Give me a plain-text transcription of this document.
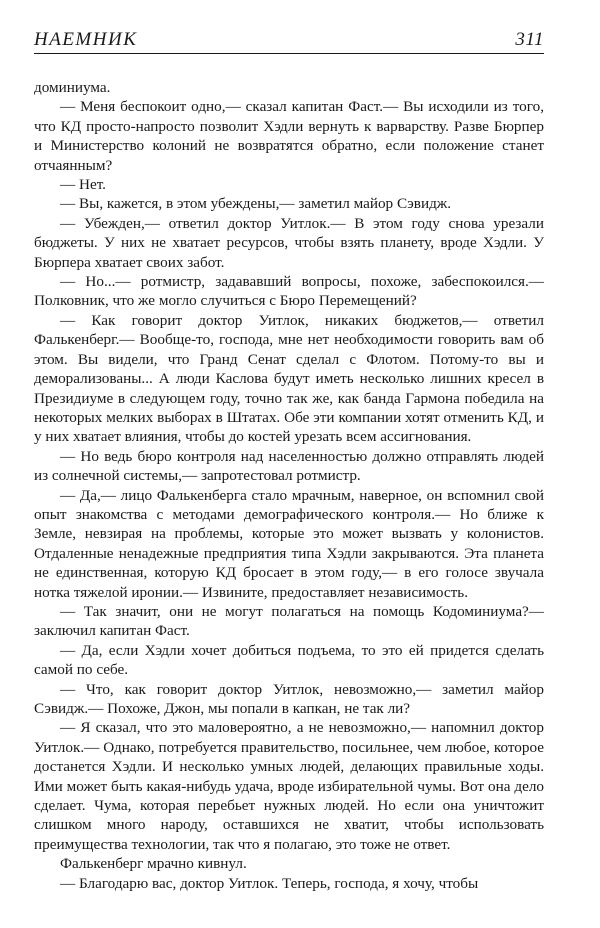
НАЕМНИК	311

доминиума.

— Меня беспокоит одно,— сказал капитан Фаст.— Вы исходили из того, что КД просто-напросто позволит Хэдли вернуть к варварству. Разве Бюрпер и Министерство колоний не возвратятся обратно, если положение станет отчаянным?

— Нет.

— Вы, кажется, в этом убеждены,— заметил майор Сэвидж.

— Убежден,— ответил доктор Уитлок.— В этом году снова урезали бюджеты. У них не хватает ресурсов, чтобы взять планету, вроде Хэдли. У Бюрпера хватает своих забот.

— Но...— ротмистр, задававший вопросы, похоже, забеспокоился.— Полковник, что же могло случиться с Бюро Перемещений?

— Как говорит доктор Уитлок, никаких бюджетов,— ответил Фалькенберг.— Вообще-то, господа, мне нет необходимости говорить вам об этом. Вы видели, что Гранд Сенат сделал с Флотом. Потому-то вы и деморализованы... А люди Каслова будут иметь несколько лишних кресел в Президиуме в следующем году, точно так же, как банда Гармона победила на некоторых мелких выборах в Штатах. Обе эти компании хотят отменить КД, и у них хватает влияния, чтобы до костей урезать всем ассигнования.

— Но ведь бюро контроля над населенностью должно отправлять людей из солнечной системы,— запротестовал ротмистр.

— Да,— лицо Фалькенберга стало мрачным, наверное, он вспомнил свой опыт знакомства с методами демографического контроля.— Но ближе к Земле, невзирая на проблемы, которые это может вызвать у колонистов. Отдаленные ненадежные предприятия типа Хэдли закрываются. Эта планета не единственная, которую КД бросает в этом году,— в его голосе звучала нотка тяжелой иронии.— Извините, предоставляет независимость.

— Так значит, они не могут полагаться на помощь Кодоминиума?— заключил капитан Фаст.

— Да, если Хэдли хочет добиться подъема, то это ей придется сделать самой по себе.

— Что, как говорит доктор Уитлок, невозможно,— заметил майор Сэвидж.— Похоже, Джон, мы попали в капкан, не так ли?

— Я сказал, что это маловероятно, а не невозможно,— напомнил доктор Уитлок.— Однако, потребуется правительство, посильнее, чем любое, которое достанется Хэдли. И несколько умных людей, делающих правильные ходы. Ими может быть какая-нибудь удача, вроде избирательной чумы. Вот она дело сделает. Чума, которая перебьет нужных людей. Но если она уничтожит слишком много народу, оставшихся не хватит, чтобы использовать преимущества технологии, так что я полагаю, это тоже не ответ.

Фалькенберг мрачно кивнул.

— Благодарю вас, доктор Уитлок. Теперь, господа, я хочу, чтобы
